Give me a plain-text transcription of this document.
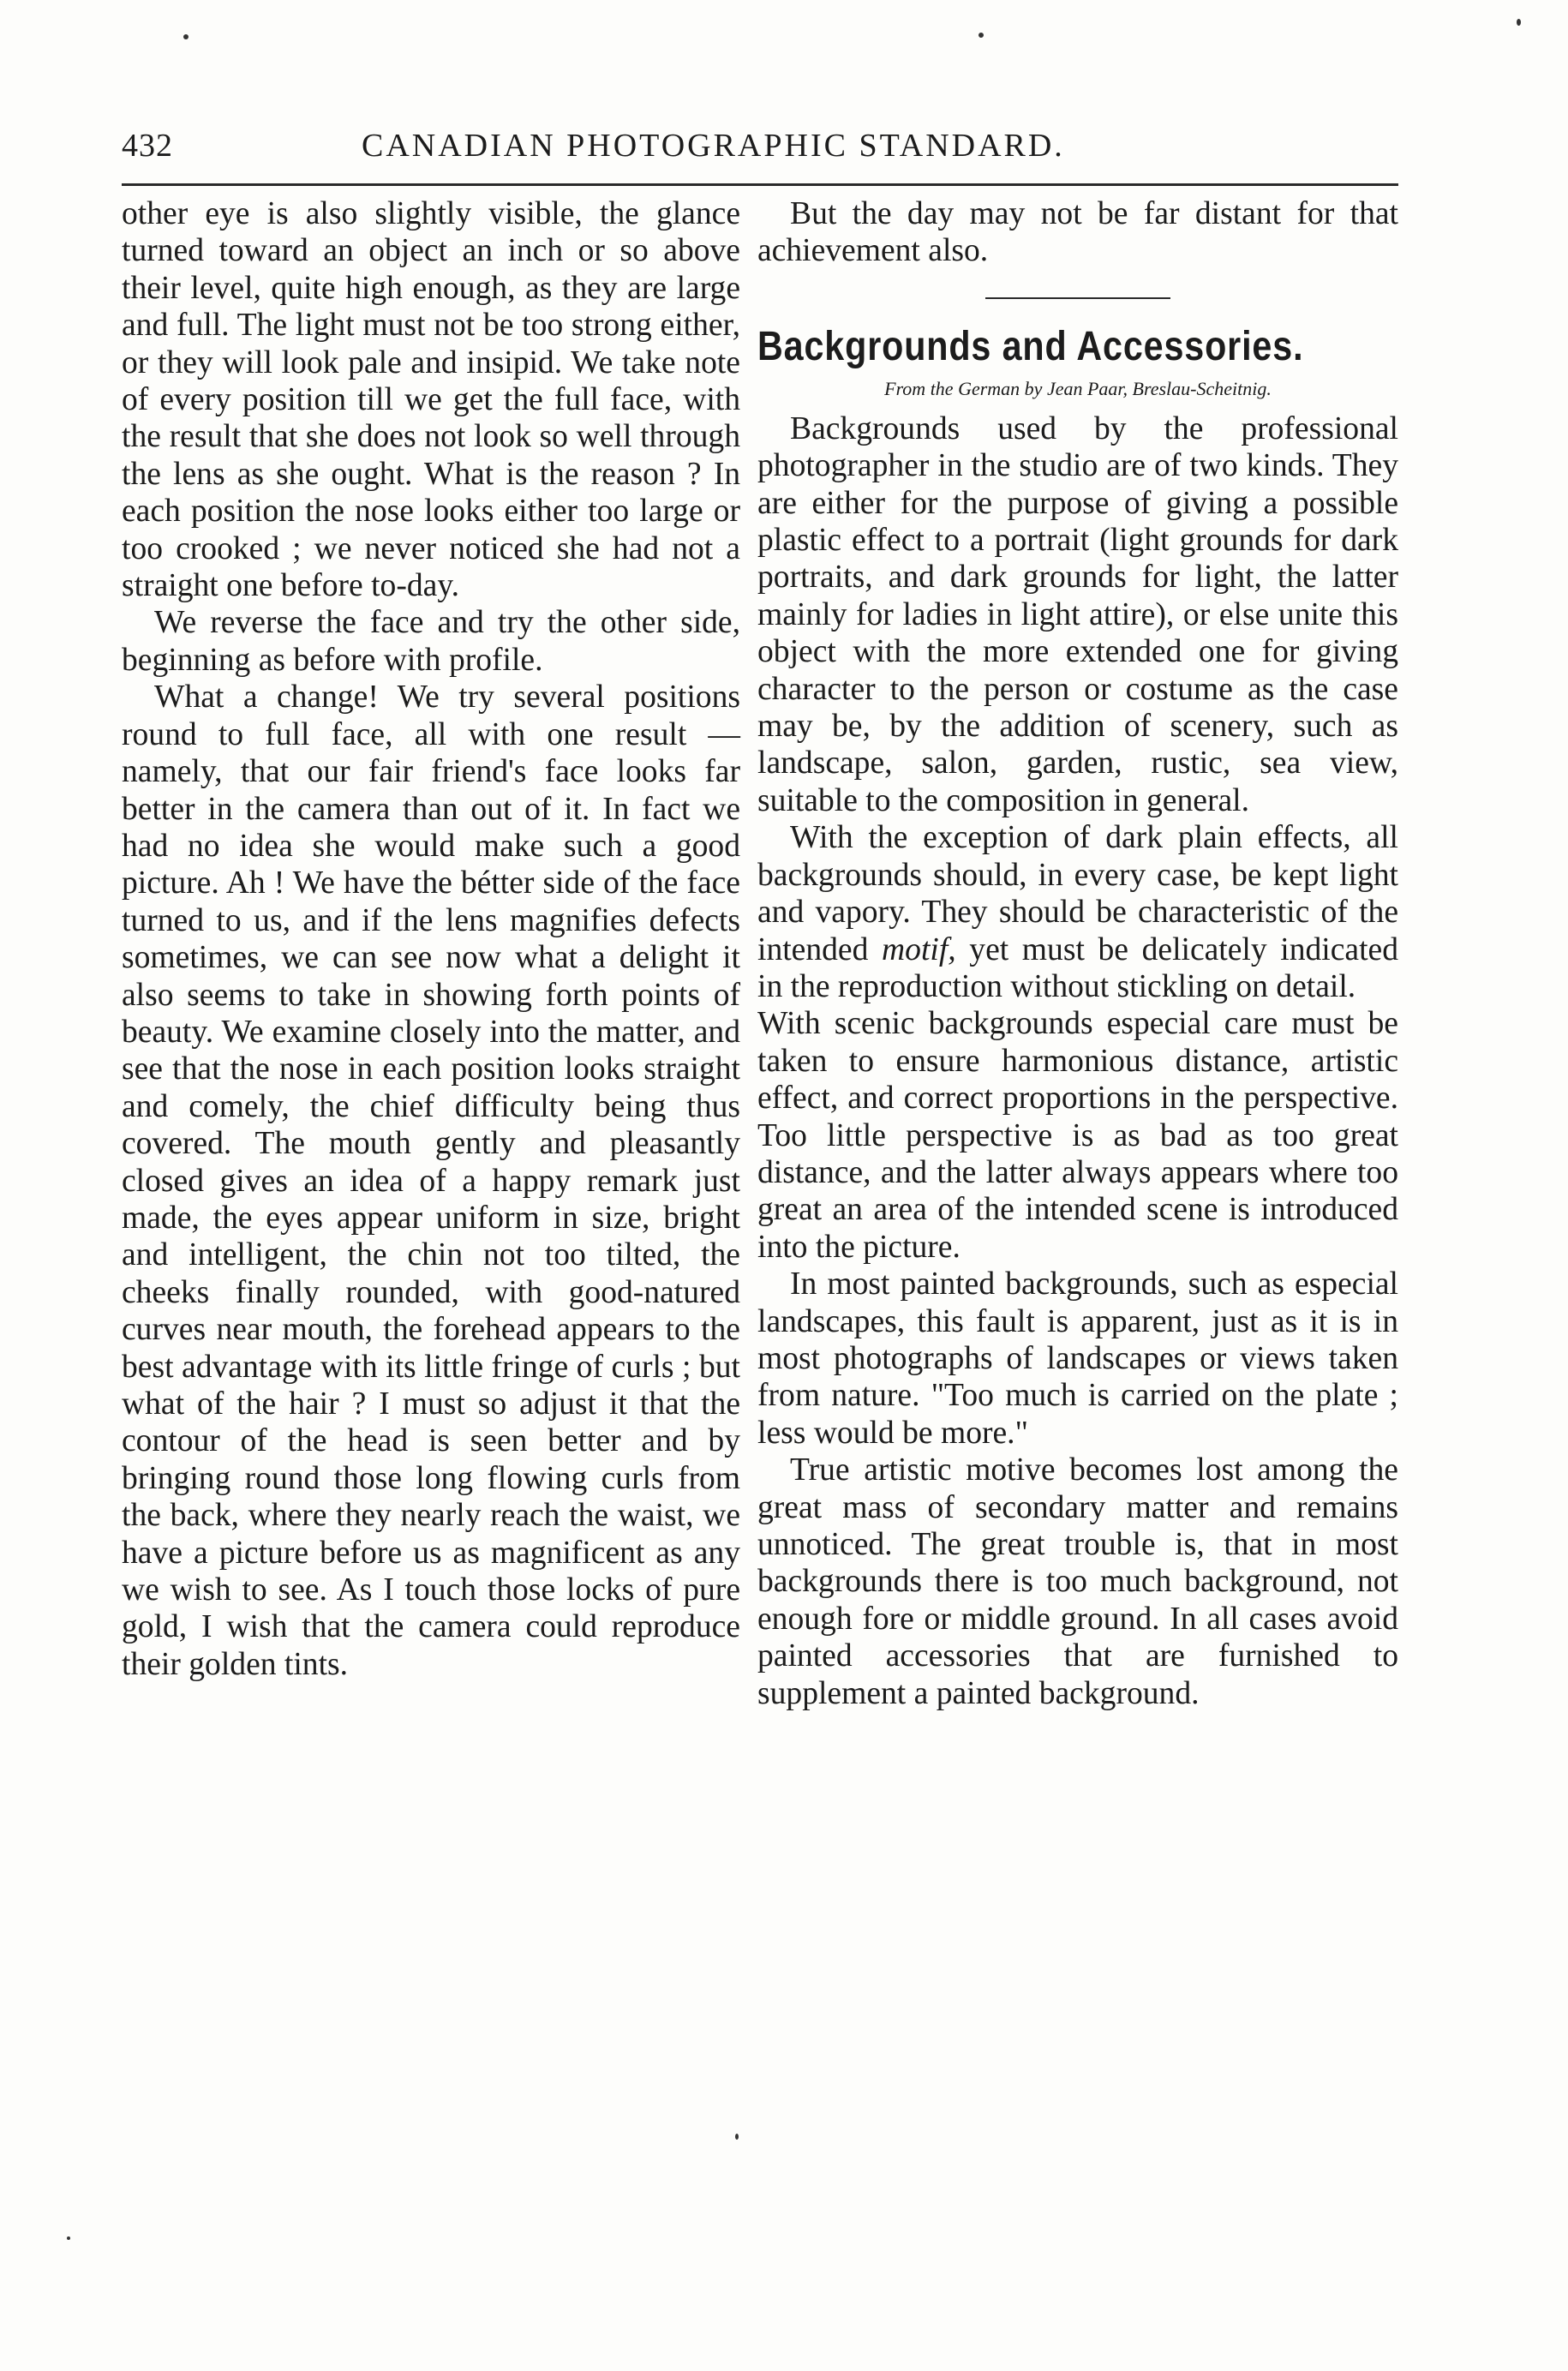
432	CANADIAN PHOTOGRAPHIC STANDARD.

other eye is also slightly visible, the glance turned toward an object an inch or so above their level, quite high enough, as they are large and full. The light must not be too strong either, or they will look pale and insipid. We take note of every position till we get the full face, with the result that she does not look so well through the lens as she ought. What is the reason ? In each position the nose looks either too large or too crooked ; we never noticed she had not a straight one before to-day.

We reverse the face and try the other side, beginning as before with profile.

What a change! We try several positions round to full face, all with one result — namely, that our fair friend's face looks far better in the camera than out of it. In fact we had no idea she would make such a good picture. Ah ! We have the bétter side of the face turned to us, and if the lens magnifies defects sometimes, we can see now what a delight it also seems to take in showing forth points of beauty. We examine closely into the matter, and see that the nose in each position looks straight and comely, the chief difficulty being thus covered. The mouth gently and pleasantly closed gives an idea of a happy remark just made, the eyes appear uniform in size, bright and intelligent, the chin not too tilted, the cheeks finally rounded, with good-natured curves near mouth, the forehead appears to the best advantage with its little fringe of curls ; but what of the hair ? I must so adjust it that the contour of the head is seen better and by bringing round those long flowing curls from the back, where they nearly reach the waist, we have a picture before us as magnificent as any we wish to see. As I touch those locks of pure gold, I wish that the camera could reproduce their golden tints.

But the day may not be far distant for that achievement also.

Backgrounds and Accessories.
From the German by Jean Paar, Breslau-Scheitnig.

Backgrounds used by the professional photographer in the studio are of two kinds. They are either for the purpose of giving a possible plastic effect to a portrait (light grounds for dark portraits, and dark grounds for light, the latter mainly for ladies in light attire), or else unite this object with the more extended one for giving character to the person or costume as the case may be, by the addition of scenery, such as landscape, salon, garden, rustic, sea view, suitable to the composition in general.

With the exception of dark plain effects, all backgrounds should, in every case, be kept light and vapory. They should be characteristic of the intended motif, yet must be delicately indicated in the reproduction without stickling on detail.

With scenic backgrounds especial care must be taken to ensure harmonious distance, artistic effect, and correct proportions in the perspective. Too little perspective is as bad as too great distance, and the latter always appears where too great an area of the intended scene is introduced into the picture.

In most painted backgrounds, such as especial landscapes, this fault is apparent, just as it is in most photographs of landscapes or views taken from nature. "Too much is carried on the plate ; less would be more."

True artistic motive becomes lost among the great mass of secondary matter and remains unnoticed. The great trouble is, that in most backgrounds there is too much background, not enough fore or middle ground. In all cases avoid painted accessories that are furnished to supplement a painted background.
